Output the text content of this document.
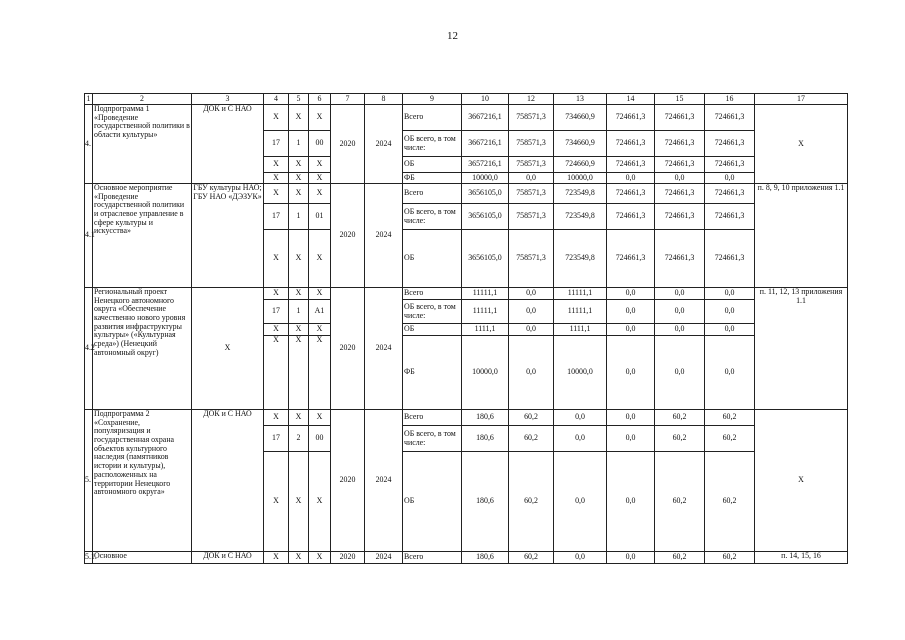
12
1	2	3	4	5	6	7	8	9	10	12	13	14	15	16	17
4.	Подпрограмма 1 «Проведение государственной политики в области культуры»	ДОК и С НАО	Х	Х	Х	2020	2024	Всего	3667216,1	758571,3	734660,9	724661,3	724661,3	724661,3	Х
			17	1	00			ОБ всего, в том числе:	3667216,1	758571,3	734660,9	724661,3	724661,3	724661,3	
			Х	Х	Х			ОБ	3657216,1	758571,3	724660,9	724661,3	724661,3	724661,3	
			Х	Х	Х			ФБ	10000,0	0,0	10000,0	0,0	0,0	0,0	
4.1	Основное мероприятие «Проведение государственной политики и отраслевое управление в сфере культуры и искусства»	ГБУ культуры НАО; ГБУ НАО «ДЭЗУК»	Х	Х	Х	2020	2024	Всего	3656105,0	758571,3	723549,8	724661,3	724661,3	724661,3	п. 8, 9, 10 приложения 1.1
			17	1	01			ОБ всего, в том числе:	3656105,0	758571,3	723549,8	724661,3	724661,3	724661,3	
			Х	Х	Х			ОБ	3656105,0	758571,3	723549,8	724661,3	724661,3	724661,3	
4.2	Региональный проект Ненецкого автономного округа «Обеспечение качественно нового уровня развития инфраструктуры культуры» («Культурная среда») (Ненецкий автономный округ)	Х	Х	Х	Х	2020	2024	Всего	11111,1	0,0	11111,1	0,0	0,0	0,0	п. 11, 12, 13 приложения 1.1
			17	1	А1			ОБ всего, в том числе:	11111,1	0,0	11111,1	0,0	0,0	0,0	
			Х	Х	Х			ОБ	1111,1	0,0	1111,1	0,0	0,0	0,0	
			Х	Х	Х			ФБ	10000,0	0,0	10000,0	0,0	0,0	0,0	

5.	Подпрограмма 2 «Сохранение, популяризация и государственная охрана объектов культурного наследия (памятников истории и культуры), расположенных на территории Ненецкого автономного округа»	ДОК и С НАО	Х	Х	Х	2020	2024	Всего	180,6	60,2	0,0	0,0	60,2	60,2	Х
			17	2	00			ОБ всего, в том числе:	180,6	60,2	0,0	0,0	60,2	60,2	
			Х	Х	Х			ОБ	180,6	60,2	0,0	0,0	60,2	60,2	
5.1.	Основное	ДОК и С НАО	Х	Х	Х	2020	2024	Всего	180,6	60,2	0,0	0,0	60,2	60,2	п. 14, 15, 16
